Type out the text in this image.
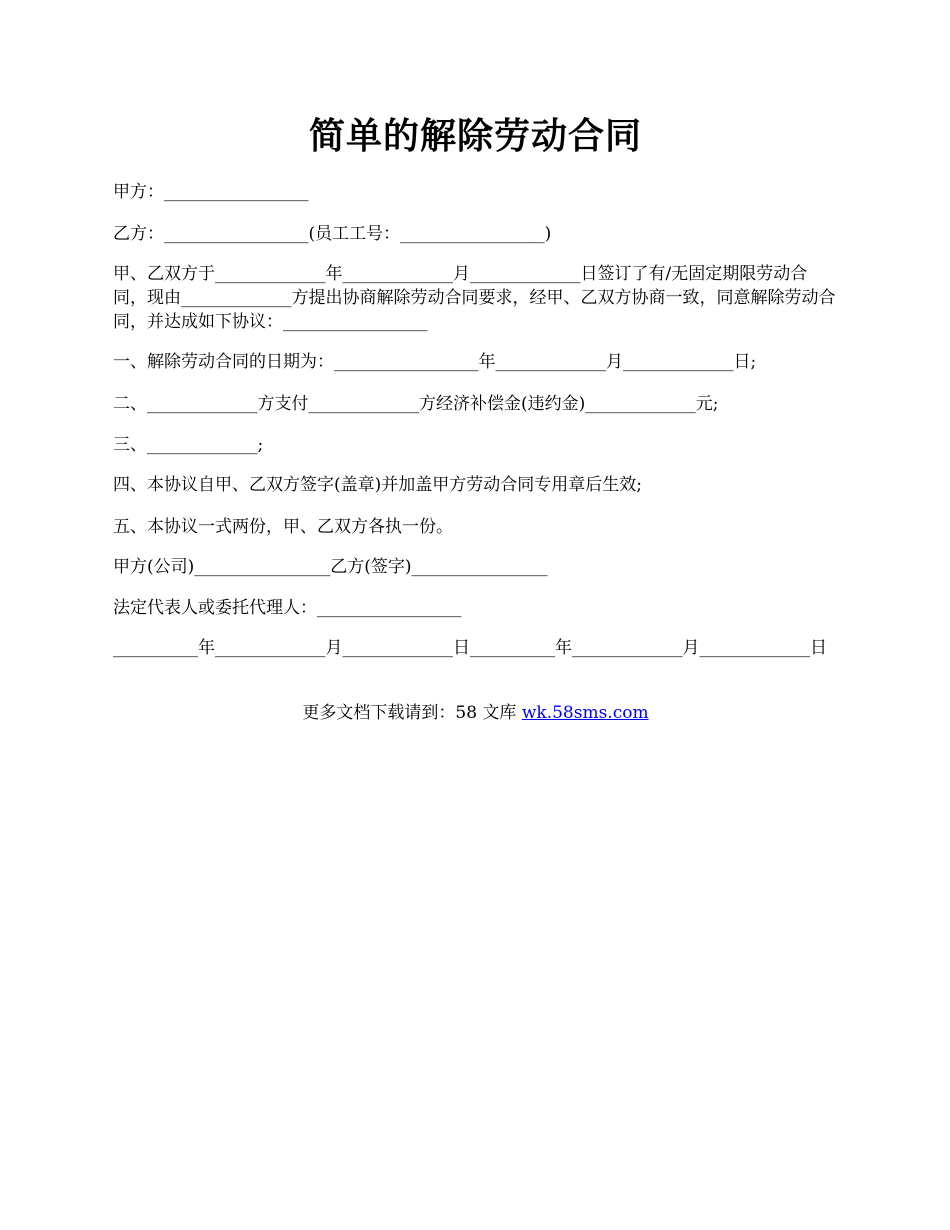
简单的解除劳动合同
甲方：_________________
乙方：_________________(员工工号：_________________)
甲、乙双方于_____________年_____________月_____________日签订了有/无固定期限劳动合同，现由_____________方提出协商解除劳动合同要求，经甲、乙双方协商一致，同意解除劳动合同，并达成如下协议：_________________
一、解除劳动合同的日期为：_________________年_____________月_____________日;
二、_____________方支付_____________方经济补偿金(违约金)_____________元;
三、_____________;
四、本协议自甲、乙双方签字(盖章)并加盖甲方劳动合同专用章后生效;
五、本协议一式两份，甲、乙双方各执一份。
甲方(公司)________________乙方(签字)________________
法定代表人或委托代理人：_________________
__________年_____________月_____________日__________年_____________月_____________日
更多文档下载请到：58 文库 wk.58sms.com
